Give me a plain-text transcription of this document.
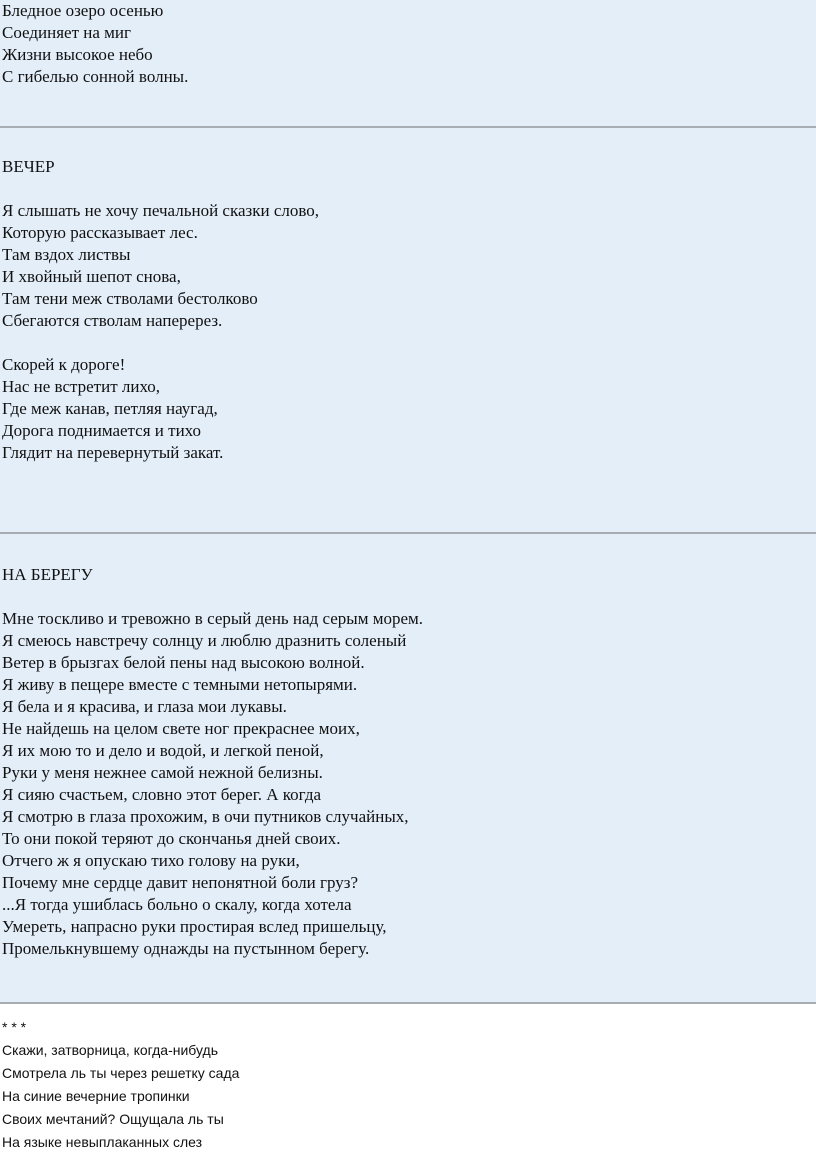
Бледное озеро осенью
Соединяет на миг
Жизни высокое небо
С гибелью сонной волны.
ВЕЧЕР
Я слышать не хочу печальной сказки слово,
Которую рассказывает лес.
Там вздох листвы
И хвойный шепот снова,
Там тени меж стволами бестолково
Сбегаются стволам наперерез.
Скорей к дороге!
Нас не встретит лихо,
Где меж канав, петляя наугад,
Дорога поднимается и тихо
Глядит на перевернутый закат.
НА БЕРЕГУ
Мне тоскливо и тревожно в серый день над серым морем.
Я смеюсь навстречу солнцу и люблю дразнить соленый
Ветер в брызгах белой пены над высокою волной.
Я живу в пещере вместе с темными нетопырями.
Я бела и я красива, и глаза мои лукавы.
Не найдешь на целом свете ног прекраснее моих,
Я их мою то и дело и водой, и легкой пеной,
Руки у меня нежнее самой нежной белизны.
Я сияю счастьем, словно этот берег. А когда
Я смотрю в глаза прохожим, в очи путников случайных,
То они покой теряют до скончанья дней своих.
Отчего ж я опускаю тихо голову на руки,
Почему мне сердце давит непонятной боли груз?
...Я тогда ушиблась больно о скалу, когда хотела
Умереть, напрасно руки простирая вслед пришельцу,
Промелькнувшему однажды на пустынном берегу.
* * *
Скажи, затворница, когда-нибудь
Смотрела ль ты через решетку сада
На синие вечерние тропинки
Своих мечтаний? Ощущала ль ты
На языке невыплаканных слез
